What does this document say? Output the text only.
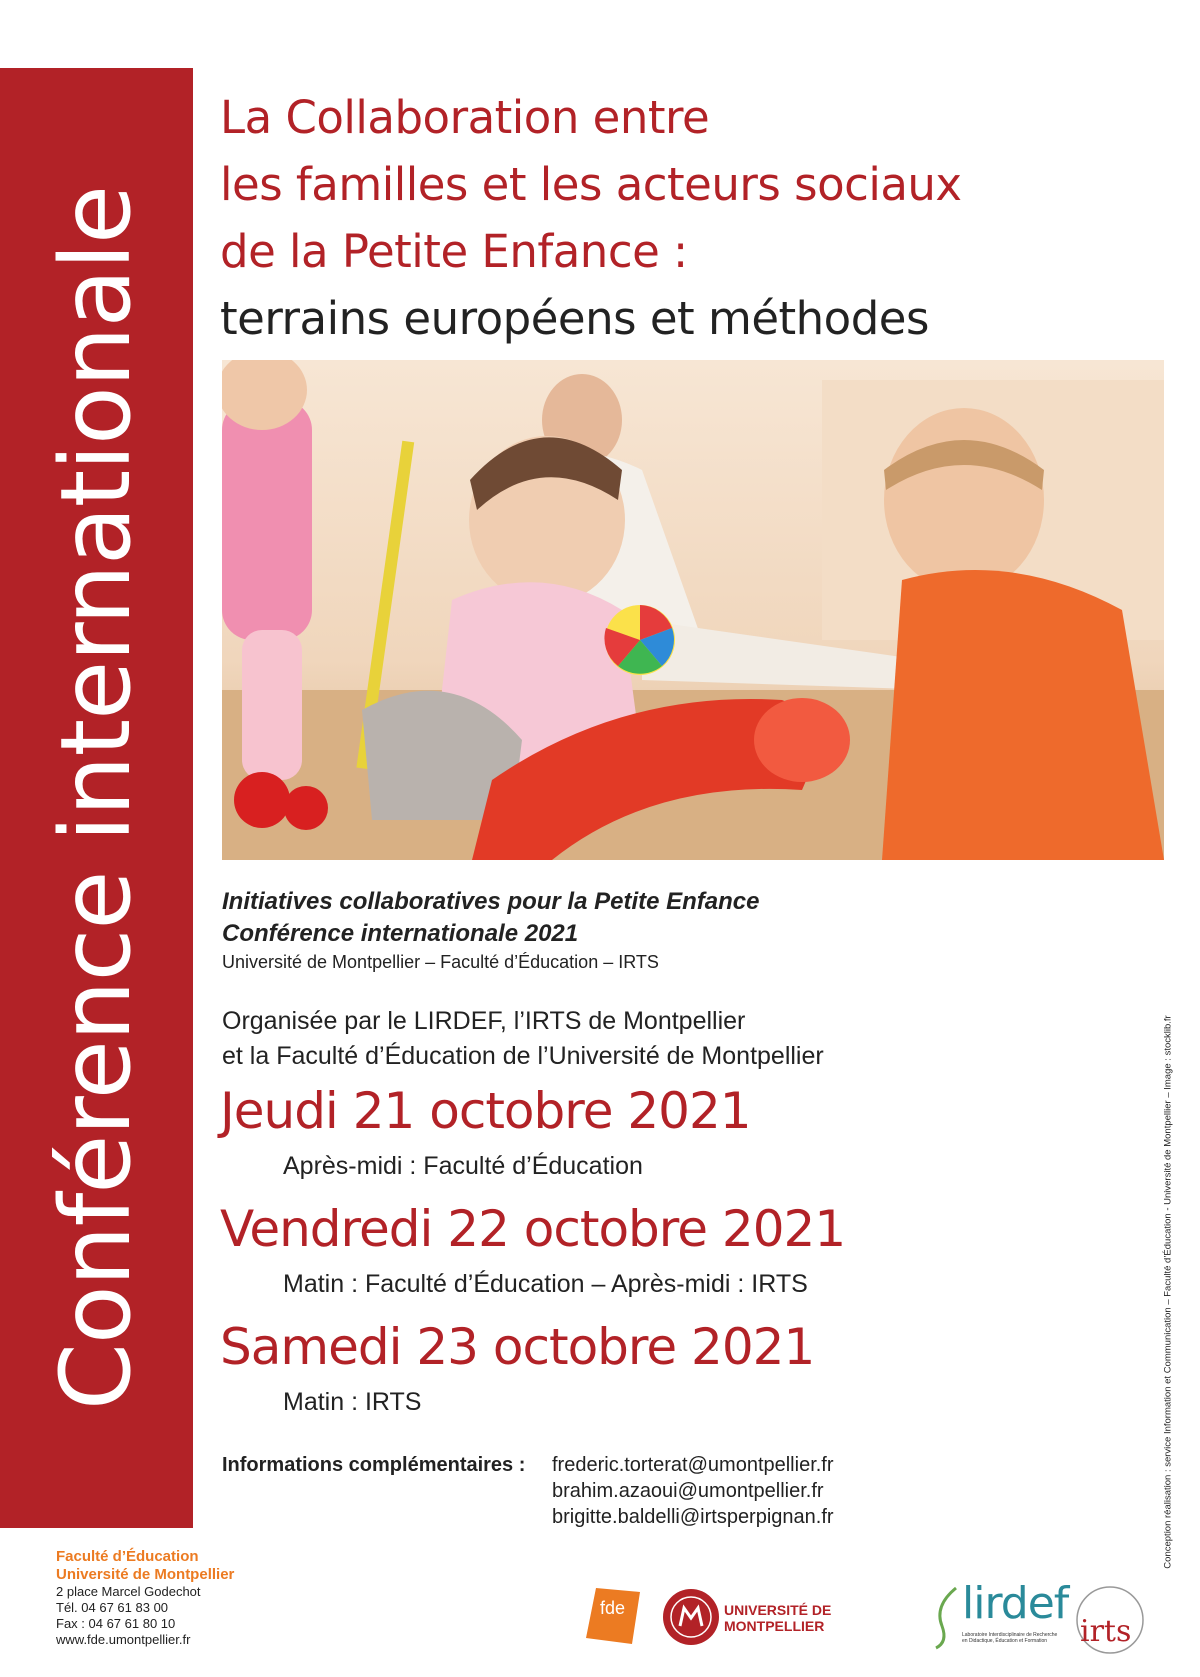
Conférence internationale
La Collaboration entre
les familles et les acteurs sociaux
de la Petite Enfance :
terrains européens et méthodes
Initiatives collaboratives pour la Petite Enfance
Conférence internationale 2021
Université de Montpellier – Faculté d’Éducation – IRTS
Organisée par le LIRDEF, l’IRTS de Montpellier
et la Faculté d’Éducation de l’Université de Montpellier
Jeudi 21 octobre 2021
Après-midi : Faculté d’Éducation
Vendredi 22 octobre 2021
Matin : Faculté d’Éducation – Après-midi : IRTS
Samedi 23 octobre 2021
Matin : IRTS
Informations complémentaires : frederic.torterat@umontpellier.fr
brahim.azaoui@umontpellier.fr
brigitte.baldelli@irtsperpignan.fr
Faculté d’Éducation
Université de Montpellier
2 place Marcel Godechot
Tél. 04 67 61 83 00
Fax : 04 67 61 80 10
www.fde.umontpellier.fr
Conception réalisation : service Information et Communication – Faculté d’Éducation - Université de Montpellier – Image : stocklib.fr
fde	UNIVERSITÉ DE
MONTPELLIER	lirdef
Laboratoire Interdisciplinaire de Recherche en Didactique, Éducation et Formation	irts
